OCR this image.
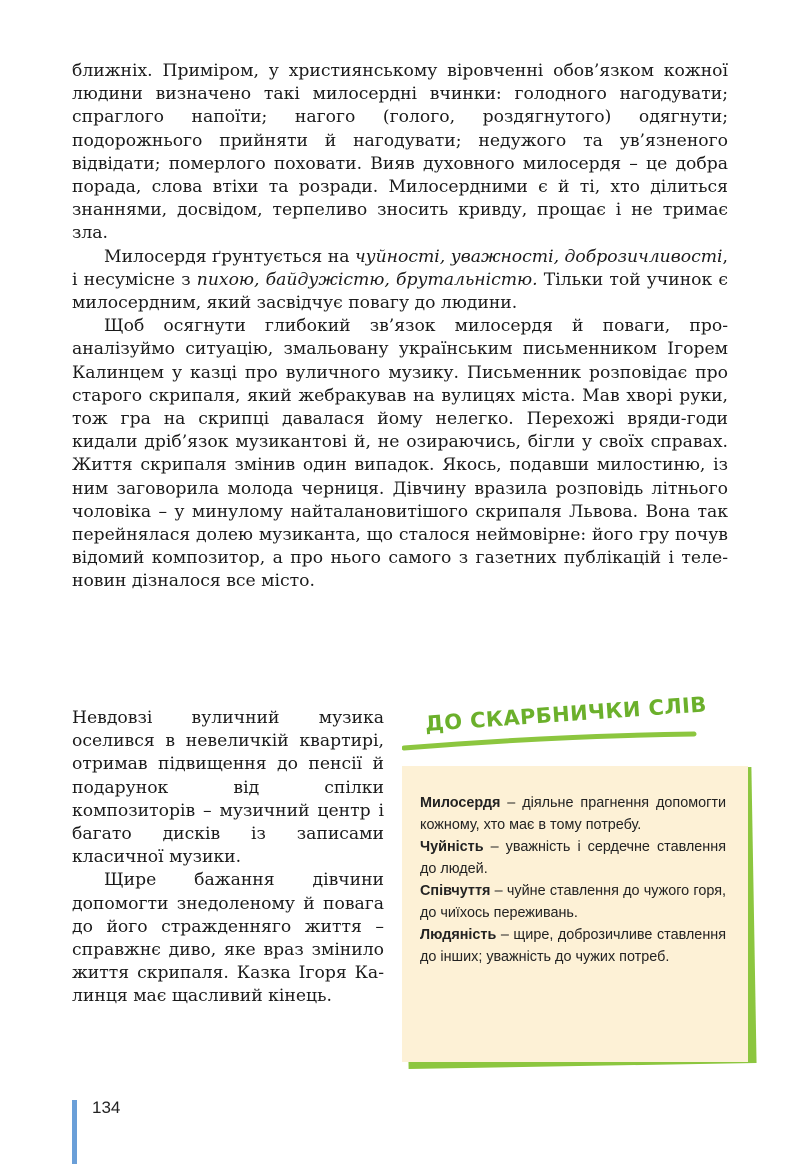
ближніх. Приміром, у християнському віровченні обов’язком кожної людини визначено такі милосердні вчинки: голодного нагодувати; спраглого напоїти; нагого (голого, роздягнутого) одягнути; подорожнього прийняти й нагодувати; недужого та ув’язненого відвідати; померлого поховати. Вияв духовного милосердя – це добра порада, слова втіхи та розради. Милосердними є й ті, хто ділиться знаннями, досвідом, терпеливо зносить кривду, прощає і не тримає зла.

Милосердя ґрунтується на чуйності, уважності, доброзичливості, і несумісне з пихою, байдужістю, брутальністю. Тільки той учинок є милосердним, який засвідчує повагу до людини.

Щоб осягнути глибокий зв’язок милосердя й поваги, проаналізуймо ситуацію, змальовану українським письменником Ігорем Калинцем у казці про вуличного музику. Письменник розповідає про старого скрипаля, який жебракував на вулицях міста. Мав хворі руки, тож гра на скрипці давалася йому нелегко. Перехожі вряди-годи кидали дріб’язок музикантові й, не озираючись, бігли у своїх справах. Життя скрипаля змінив один випадок. Якось, подавши милостиню, із ним заговорила молода черниця. Дівчину вразила розповідь літнього чоловіка – у минулому найталановитішого скрипаля Львова. Вона так перейнялася долею музиканта, що сталося неймовірне: його гру почув відомий композитор, а про нього самого з газетних публікацій і теленовин дізналося все місто.

Невдовзі вуличний музика оселився в невеличкій квартирі, отримав підвищення до пенсії й подарунок від спілки композиторів – музичний центр і багато дисків із записами класичної музики.

Щире бажання дівчини допомогти знедоленому й повага до його стражденняго життя – справжнє диво, яке враз змінило життя скрипаля. Казка Ігоря Калинця має щасливий кінець.

ДО СКАРБНИЧКИ СЛІВ

Милосердя – діяльне прагнення допомогти кожному, хто має в тому потребу.

Чуйність – уважність і сердечне ставлення до людей.

Співчуття – чуйне ставлення до чужого горя, до чиїхось переживань.

Людяність – щире, доброзичливе ставлення до інших; уважність до чужих потреб.

134
